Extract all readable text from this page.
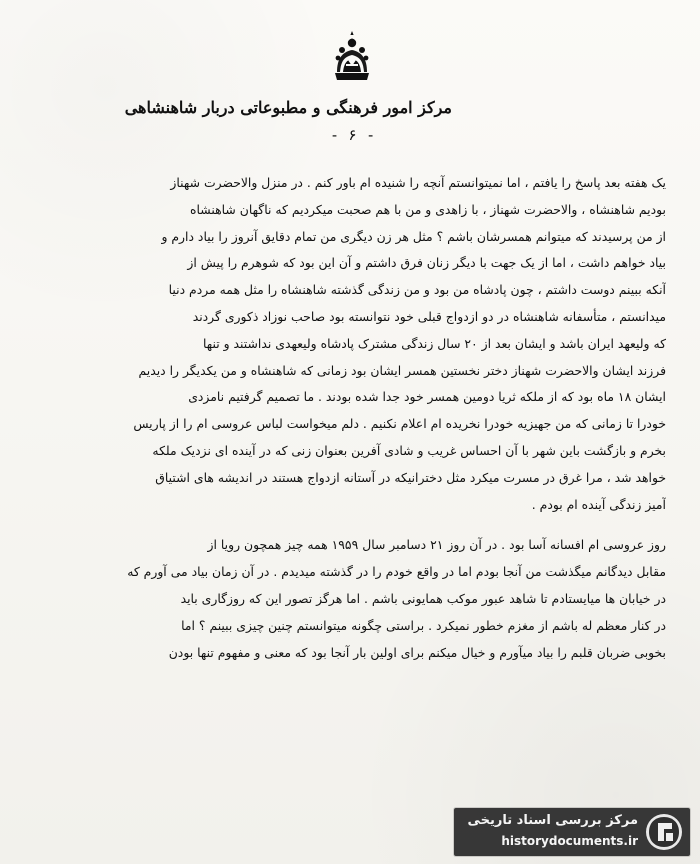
مرکز امور فرهنگی و مطبوعاتی دربار شاهنشاهی
- ۶ -
یک هفته بعد پاسخ را یافتم ، اما نمیتوانستم آنچه را شنیده ام باور کنم . در منزل والاحضرت شهناز
بودیم شاهنشاه ، والاحضرت شهناز ، با زاهدی و من با هم صحبت میکردیم که ناگهان شاهنشاه
از من پرسیدند که میتوانم همسرشان باشم ؟ مثل هر زن دیگری من تمام دقایق آنروز را بیاد دارم و
بیاد خواهم داشت ، اما از یک جهت با دیگر زنان فرق داشتم و آن این بود که شوهرم را پیش از
آنکه ببینم دوست داشتم ، چون پادشاه من بود و من زندگی گذشته شاهنشاه را مثل همه مردم دنیا
میدانستم ، متأسفانه شاهنشاه در دو ازدواج قبلی خود نتوانسته بود صاحب نوزاد ذکوری گردند
که ولیعهد ایران باشد و ایشان بعد از ۲۰ سال زندگی مشترک پادشاه ولیعهدی نداشتند و تنها
فرزند ایشان والاحضرت شهناز دختر نخستین همسر ایشان بود زمانی که شاهنشاه و من یکدیگر را دیدیم
ایشان ۱۸ ماه بود که از ملکه ثریا دومین همسر خود جدا شده بودند . ما تصمیم گرفتیم نامزدی
خودرا تا زمانی که من جهیزیه خودرا نخریده ام اعلام نکنیم . دلم میخواست لباس عروسی ام را از پاریس
بخرم و بازگشت باین شهر با آن احساس غریب و شادی آفرین بعنوان زنی که در آینده ای نزدیک ملکه
خواهد شد ، مرا غرق در مسرت میکرد مثل دخترانیکه در آستانه ازدواج هستند در اندیشه های اشتیاق
آمیز زندگی آینده ام بودم .
روز عروسی ام افسانه آسا بود . در آن روز ۲۱ دسامبر سال ۱۹۵۹ همه چیز همچون رویا از
مقابل دیدگانم میگذشت من آنجا بودم اما در واقع خودم را در گذشته میدیدم . در آن زمان بیاد می آورم که
در خیابان ها میایستادم تا شاهد عبور موکب همایونی باشم . اما هرگز تصور این که روزگاری باید
در کنار معظم له باشم از مغزم خطور نمیکرد . براستی چگونه میتوانستم چنین چیزی ببینم ؟ اما
بخوبی ضربان قلبم را بیاد میآورم و خیال میکنم برای اولین بار آنجا بود که معنی و مفهوم تنها بودن
مرکز بررسی اسناد تاریخی
historydocuments.ir
